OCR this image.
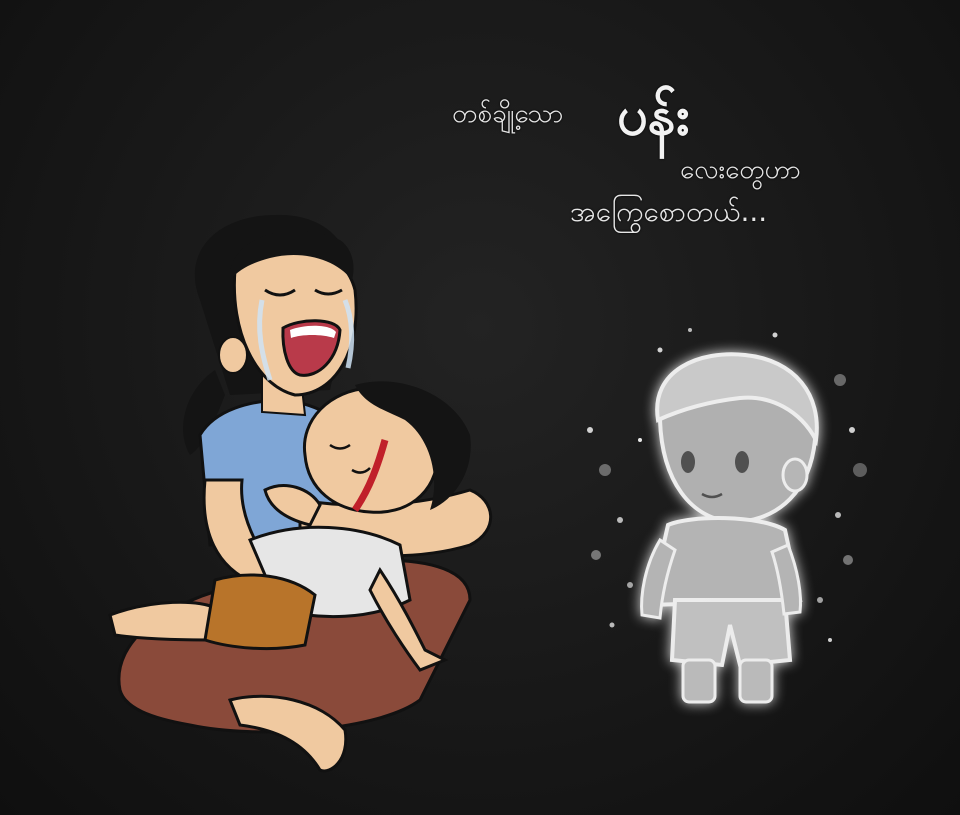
တစ်ချို့သော ပန်း
လေးတွေဟာ
အကြွေစောတယ်...
